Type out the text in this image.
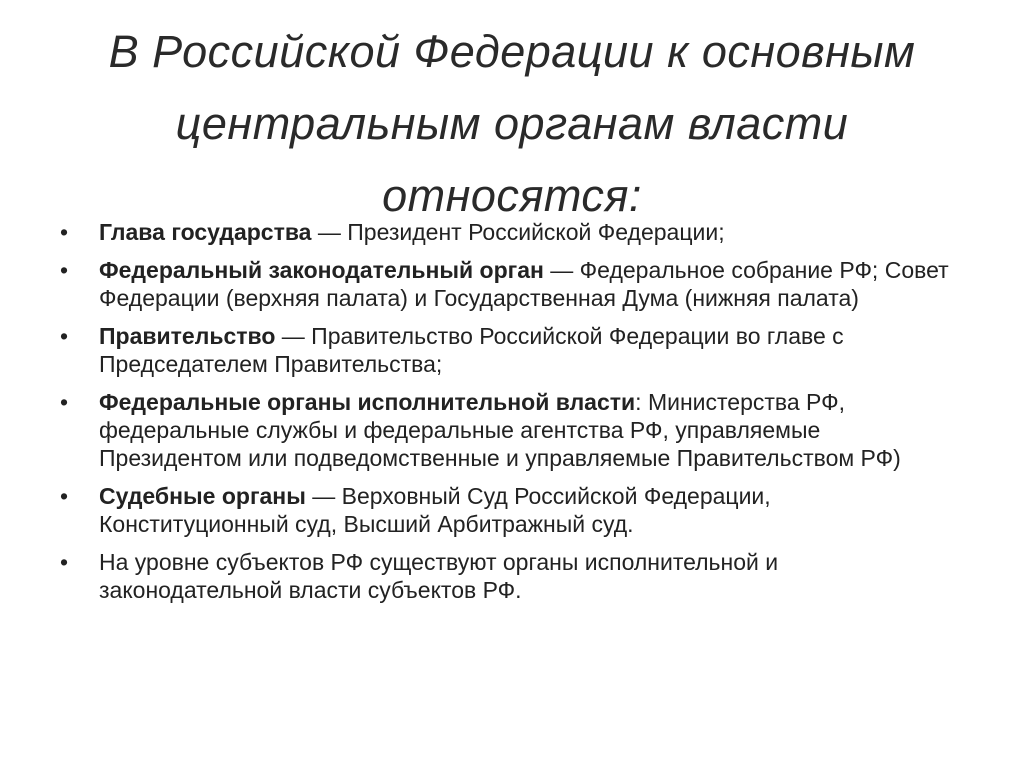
В Российской Федерации к основным
центральным органам власти
относятся:
• Глава государства — Президент Российской Федерации;
• Федеральный законодательный орган — Федеральное собрание РФ; Совет Федерации (верхняя палата) и Государственная Дума (нижняя палата)
• Правительство — Правительство Российской Федерации во главе с Председателем Правительства;
• Федеральные органы исполнительной власти: Министерства РФ, федеральные службы и федеральные агентства РФ, управляемые Президентом или подведомственные и управляемые Правительством РФ)
• Судебные органы — Верховный Суд Российской Федерации, Конституционный суд, Высший Арбитражный суд.
• На уровне субъектов РФ существуют органы исполнительной и законодательной власти субъектов РФ.
